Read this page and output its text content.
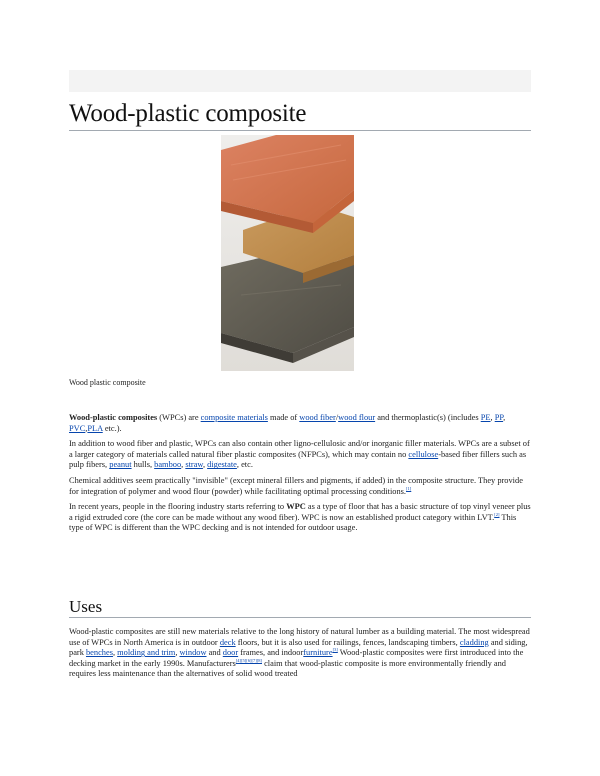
Wood-plastic composite

Wood plastic composite

Wood-plastic composites (WPCs) are composite materials made of wood fiber/wood flour and thermoplastic(s) (includes PE, PP, PVC,PLA etc.).

In addition to wood fiber and plastic, WPCs can also contain other ligno-cellulosic and/or inorganic filler materials. WPCs are a subset of a larger category of materials called natural fiber plastic composites (NFPCs), which may contain no cellulose-based fiber fillers such as pulp fibers, peanut hulls, bamboo, straw, digestate, etc.

Chemical additives seem practically "invisible" (except mineral fillers and pigments, if added) in the composite structure. They provide for integration of polymer and wood flour (powder) while facilitating optimal processing conditions.[1]

In recent years, people in the flooring industry starts referring to WPC as a type of floor that has a basic structure of top vinyl veneer plus a rigid extruded core (the core can be made without any wood fiber). WPC is now an established product category within LVT.[2] This type of WPC is different than the WPC decking and is not intended for outdoor usage.

Uses

Wood-plastic composites are still new materials relative to the long history of natural lumber as a building material. The most widespread use of WPCs in North America is in outdoor deck floors, but it is also used for railings, fences, landscaping timbers, cladding and siding, park benches, molding and trim, window and door frames, and indoorfurniture[3] Wood-plastic composites were first introduced into the decking market in the early 1990s. Manufacturers[4][5][6][7][8] claim that wood-plastic composite is more environmentally friendly and requires less maintenance than the alternatives of solid wood treated
